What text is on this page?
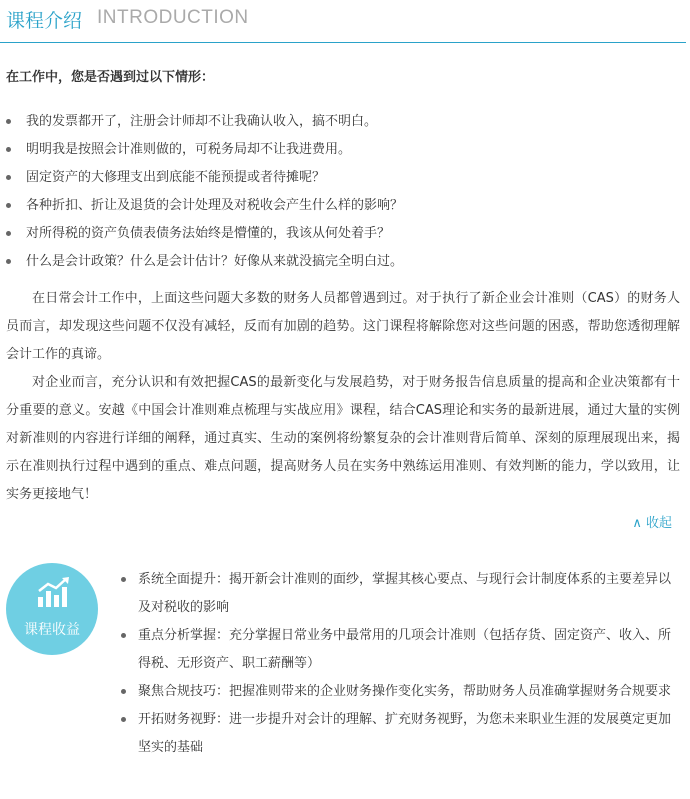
课程介绍 INTRODUCTION
在工作中，您是否遇到过以下情形：
我的发票都开了，注册会计师却不让我确认收入，搞不明白。
明明我是按照会计准则做的，可税务局却不让我进费用。
固定资产的大修理支出到底能不能预提或者待摊呢？
各种折扣、折让及退货的会计处理及对税收会产生什么样的影响？
对所得税的资产负债表债务法始终是懵懂的，我该从何处着手？
什么是会计政策？什么是会计估计？好像从来就没搞完全明白过。

在日常会计工作中，上面这些问题大多数的财务人员都曾遇到过。对于执行了新企业会计准则（CAS）的财务人员而言，却发现这些问题不仅没有减轻，反而有加剧的趋势。这门课程将解除您对这些问题的困惑，帮助您透彻理解会计工作的真谛。

对企业而言，充分认识和有效把握CAS的最新变化与发展趋势，对于财务报告信息质量的提高和企业决策都有十分重要的意义。安越《中国会计准则难点梳理与实战应用》课程，结合CAS理论和实务的最新进展，通过大量的实例对新准则的内容进行详细的阐释，通过真实、生动的案例将纷繁复杂的会计准则背后简单、深刻的原理展现出来，揭示在准则执行过程中遇到的重点、难点问题，提高财务人员在实务中熟练运用准则、有效判断的能力，学以致用，让实务更接地气！

∧ 收起
课程收益
系统全面提升：揭开新会计准则的面纱，掌握其核心要点、与现行会计制度体系的主要差异以及对税收的影响
重点分析掌握：充分掌握日常业务中最常用的几项会计准则（包括存货、固定资产、收入、所得税、无形资产、职工薪酬等）
聚焦合规技巧：把握准则带来的企业财务操作变化实务，帮助财务人员准确掌握财务合规要求
开拓财务视野：进一步提升对会计的理解、扩充财务视野，为您未来职业生涯的发展奠定更加坚实的基础
